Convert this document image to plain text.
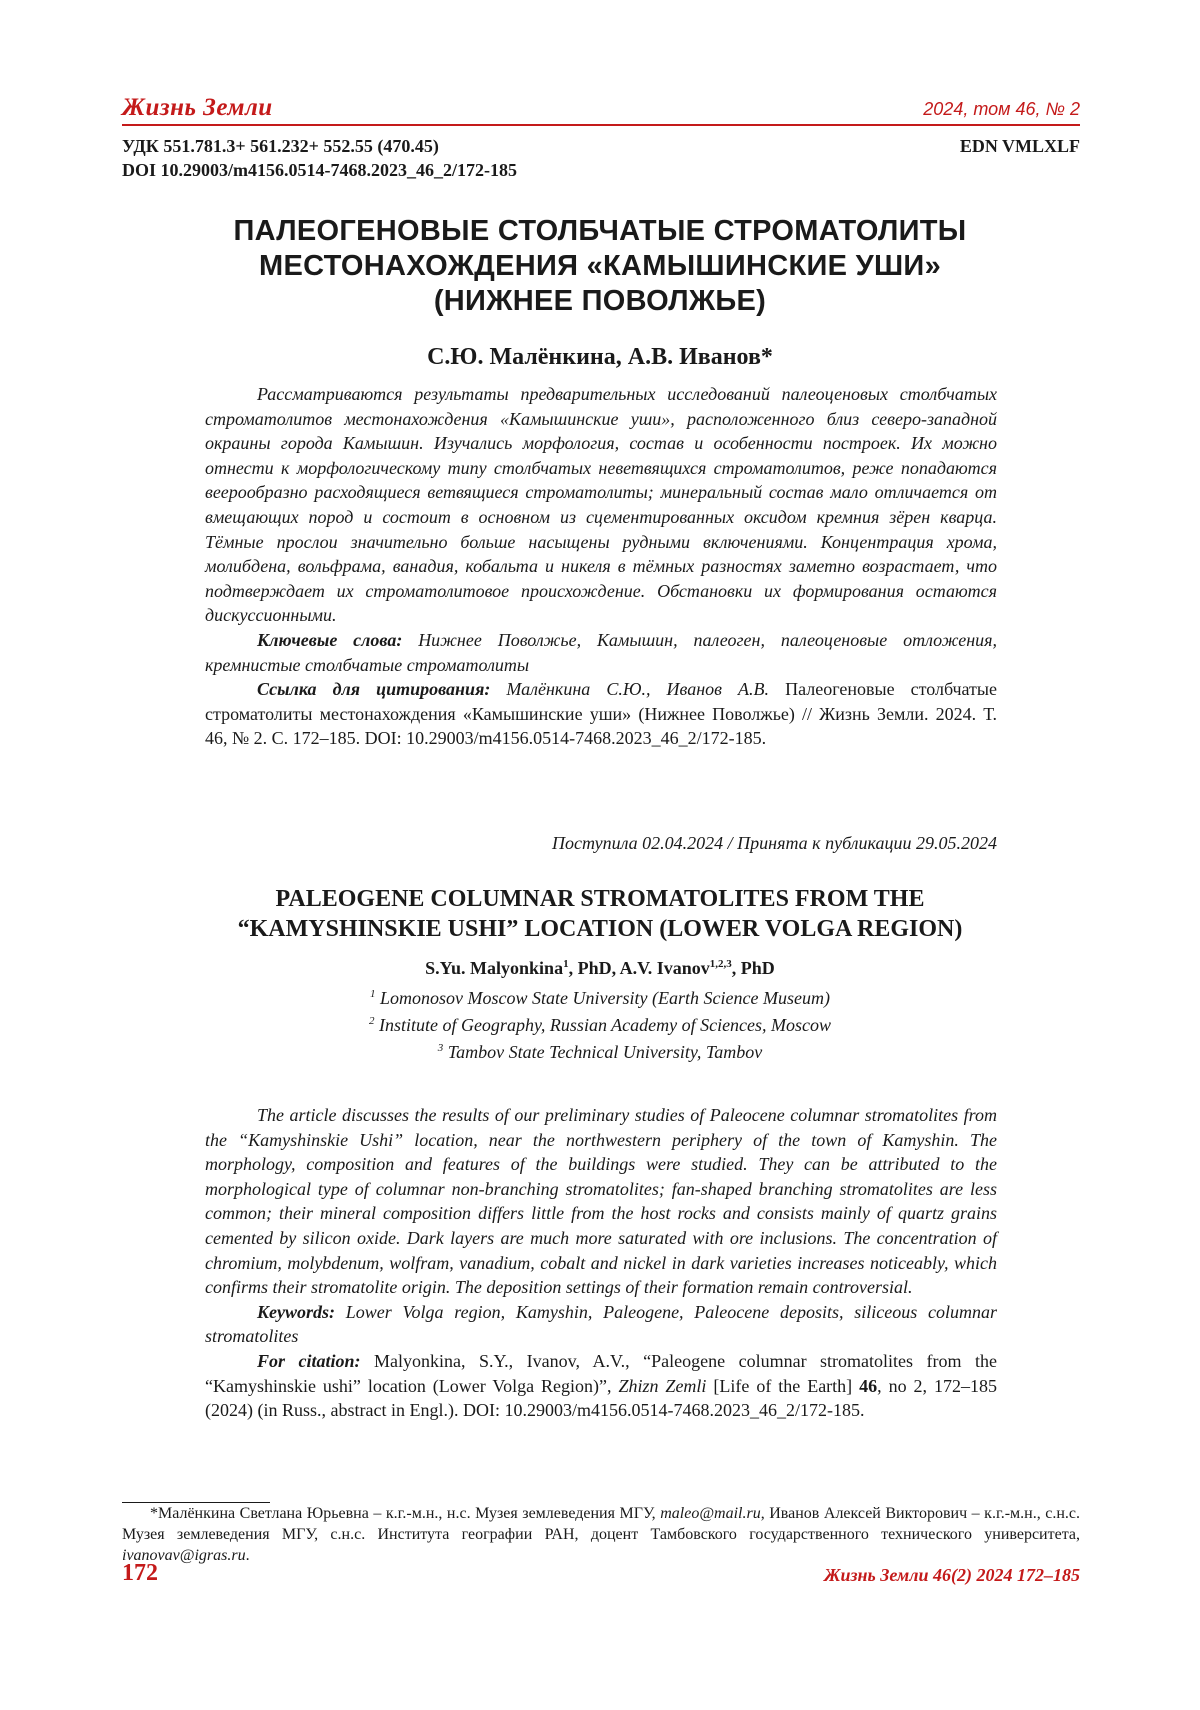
Жизнь Земли	2024, том 46, № 2
УДК 551.781.3+ 561.232+ 552.55 (470.45)	EDN VMLXLF
DOI 10.29003/m4156.0514-7468.2023_46_2/172-185
ПАЛЕОГЕНОВЫЕ СТОЛБЧАТЫЕ СТРОМАТОЛИТЫ
МЕСТОНАХОЖДЕНИЯ «КАМЫШИНСКИЕ УШИ»
(НИЖНЕЕ ПОВОЛЖЬЕ)
С.Ю. Малёнкина, А.В. Иванов*

Рассматриваются результаты предварительных исследований палеоценовых столбчатых строматолитов местонахождения «Камышинские уши», расположенного близ северо-западной окраины города Камышин. Изучались морфология, состав и особенности построек. Их можно отнести к морфологическому типу столбчатых неветвящихся строматолитов, реже попадаются веерообразно расходящиеся ветвящиеся строматолиты; минеральный состав мало отличается от вмещающих пород и состоит в основном из сцементированных оксидом кремния зёрен кварца. Тёмные прослои значительно больше насыщены рудными включениями. Концентрация хрома, молибдена, вольфрама, ванадия, кобальта и никеля в тёмных разностях заметно возрастает, что подтверждает их строматолитовое происхождение. Обстановки их формирования остаются дискуссионными.

Ключевые слова: Нижнее Поволжье, Камышин, палеоген, палеоценовые отложения, кремнистые столбчатые строматолиты

Ссылка для цитирования: Малёнкина С.Ю., Иванов А.В. Палеогеновые столбчатые строматолиты местонахождения «Камышинские уши» (Нижнее Поволжье) // Жизнь Земли. 2024. Т. 46, № 2. С. 172–185. DOI: 10.29003/m4156.0514-7468.2023_46_2/172-185.

Поступила 02.04.2024 / Принята к публикации 29.05.2024
PALEOGENE COLUMNAR STROMATOLITES FROM THE
“KAMYSHINSKIE USHI” LOCATION (LOWER VOLGA REGION)
S.Yu. Malyonkina$^1$, PhD, A.V. Ivanov$^{1,2,3}$, PhD
$^1$ Lomonosov Moscow State University (Earth Science Museum)
$^2$ Institute of Geography, Russian Academy of Sciences, Moscow
$^3$ Tambov State Technical University, Tambov

The article discusses the results of our preliminary studies of Paleocene columnar stromatolites from the “Kamyshinskie Ushi” location, near the northwestern periphery of the town of Kamyshin. The morphology, composition and features of the buildings were studied. They can be attributed to the morphological type of columnar non-branching stromatolites; fan-shaped branching stromatolites are less common; their mineral composition differs little from the host rocks and consists mainly of quartz grains cemented by silicon oxide. Dark layers are much more saturated with ore inclusions. The concentration of chromium, molybdenum, wolfram, vanadium, cobalt and nickel in dark varieties increases noticeably, which confirms their stromatolite origin. The deposition settings of their formation remain controversial.

Keywords: Lower Volga region, Kamyshin, Paleogene, Paleocene deposits, siliceous columnar stromatolites

For citation: Malyonkina, S.Y., Ivanov, A.V., “Paleogene columnar stromatolites from the “Kamyshinskie ushi” location (Lower Volga Region)”, Zhizn Zemli [Life of the Earth] 46, no 2, 172–185 (2024) (in Russ., abstract in Engl.). DOI: 10.29003/m4156.0514-7468.2023_46_2/172-185.

*Малёнкина Светлана Юрьевна – к.г.-м.н., н.с. Музея землеведения МГУ, maleo@mail.ru, Иванов Алексей Викторович – к.г.-м.н., с.н.с. Музея землеведения МГУ, с.н.с. Института географии РАН, доцент Тамбовского государственного технического университета, ivanovav@igras.ru.

172	Жизнь Земли 46(2) 2024 172–185
